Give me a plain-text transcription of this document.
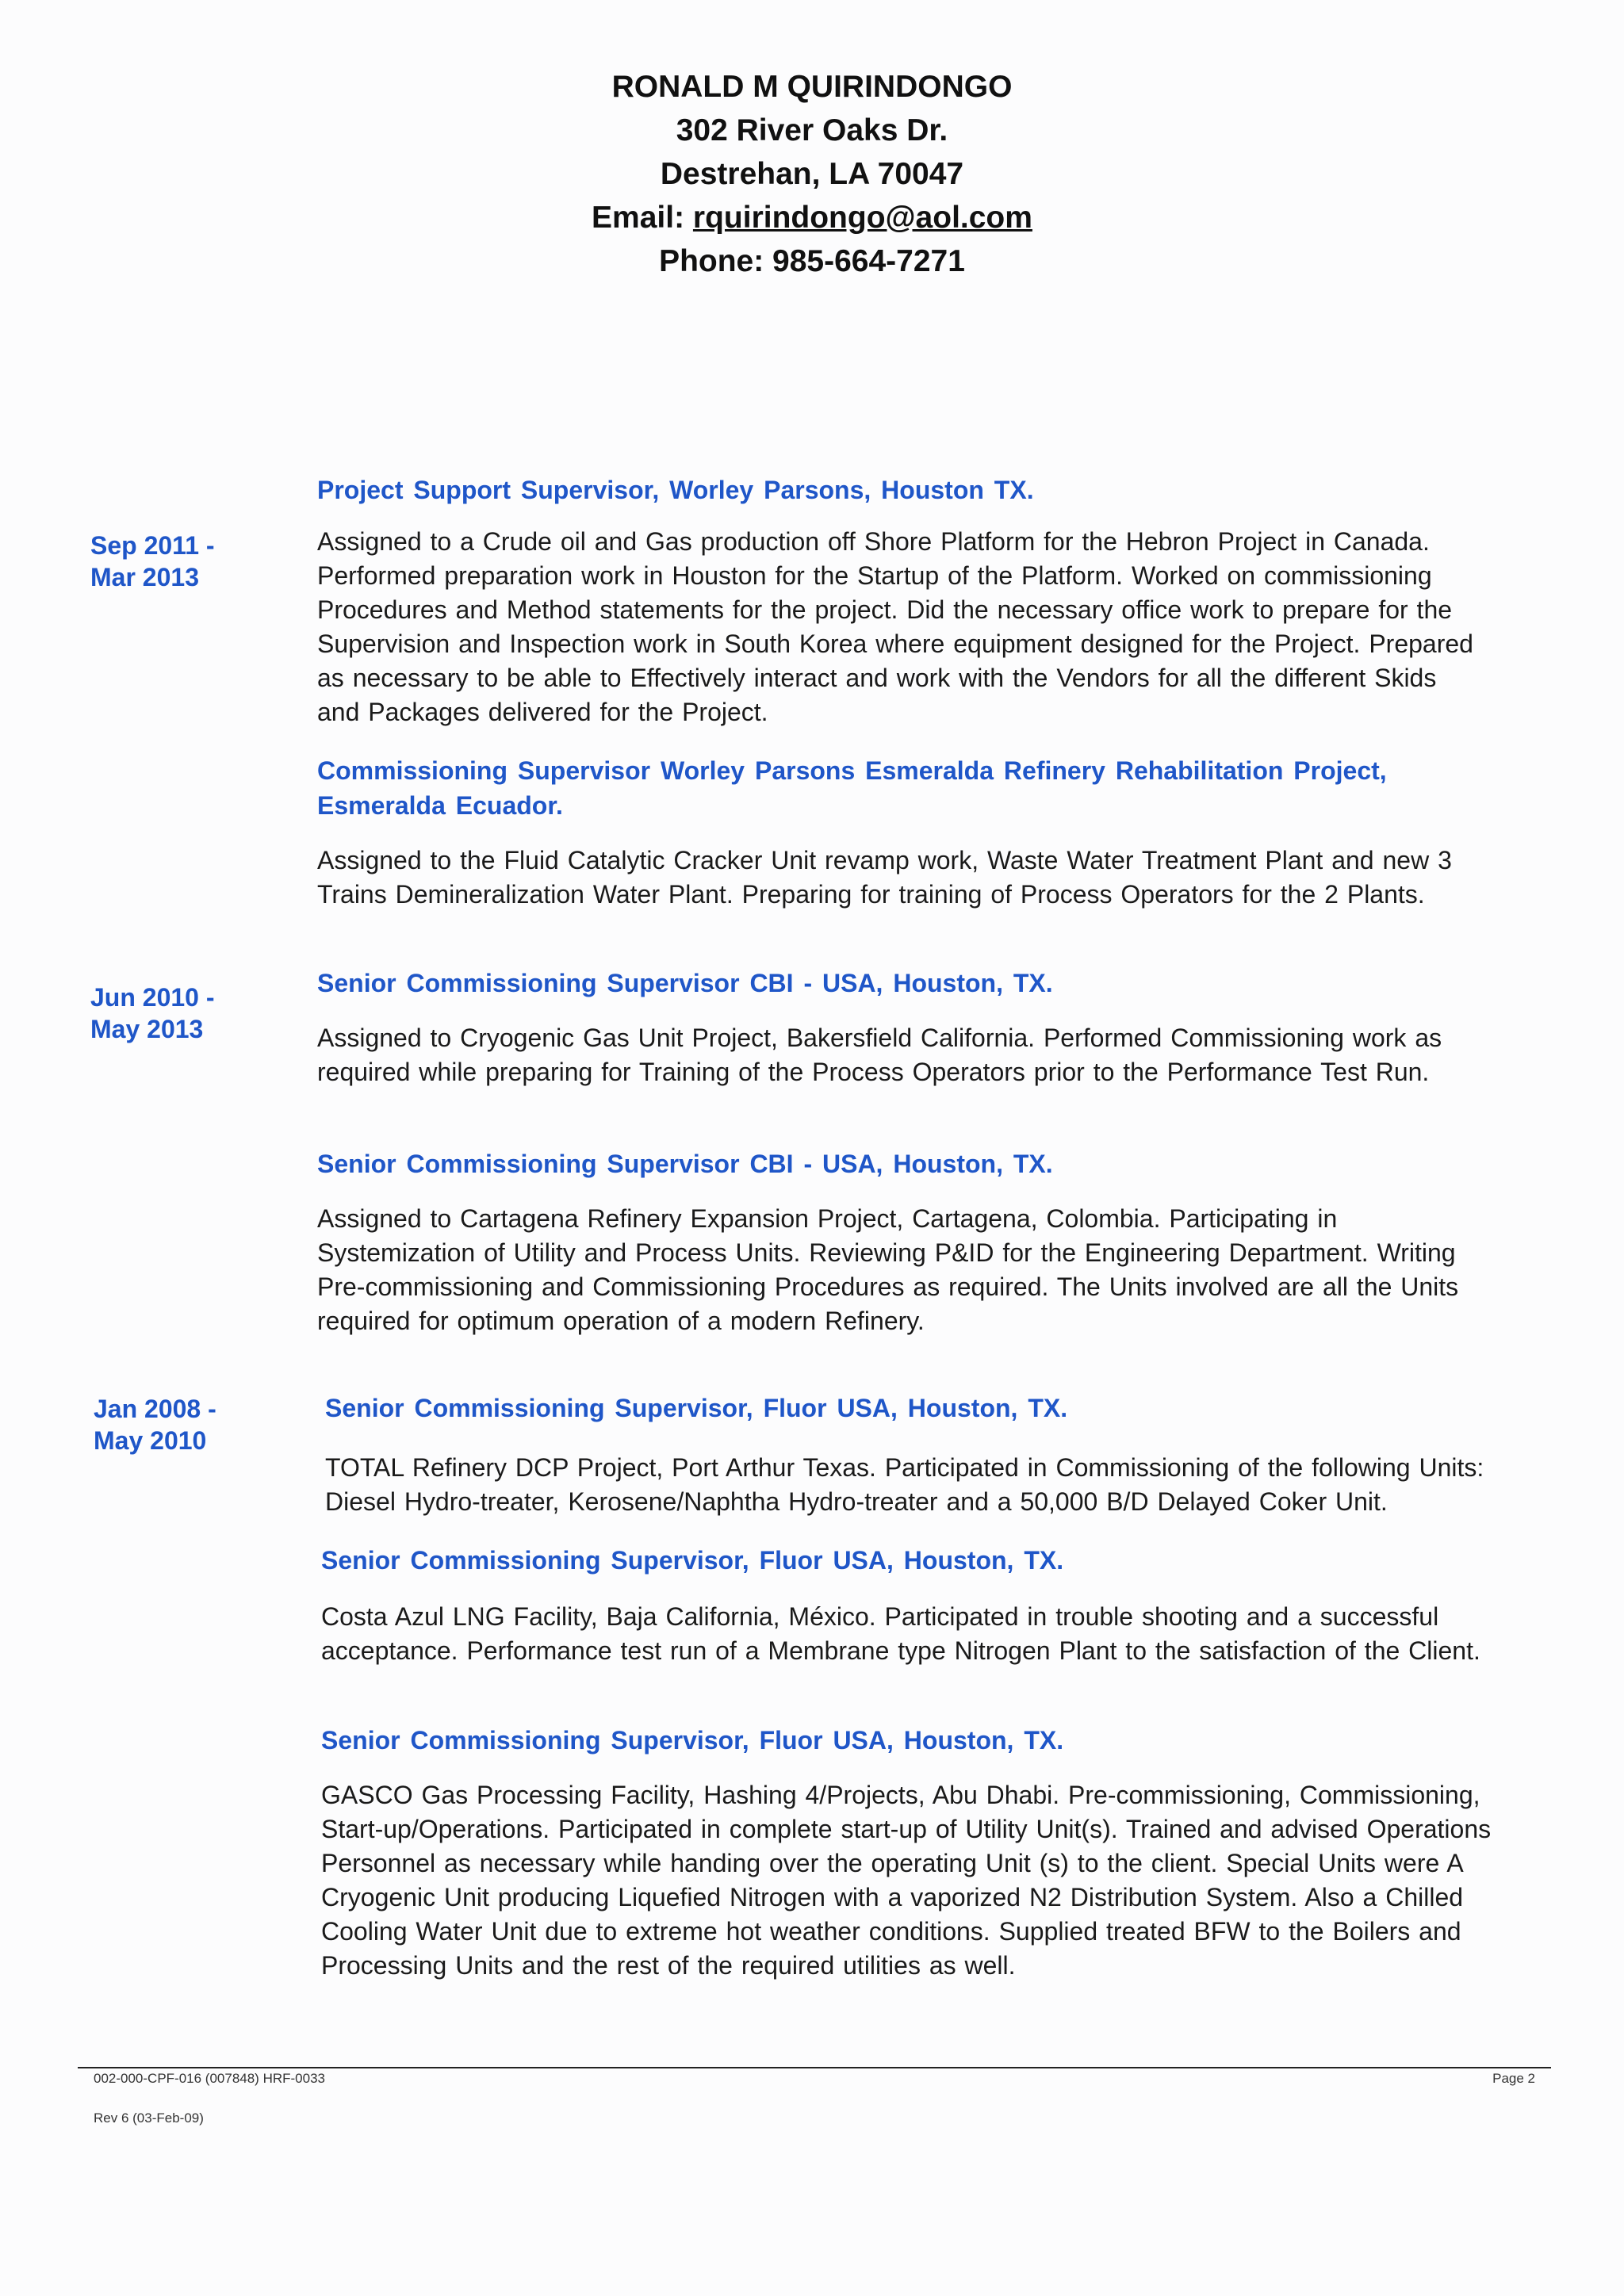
RONALD M QUIRINDONGO
302 River Oaks Dr.
Destrehan, LA 70047
Email: rquirindongo@aol.com
Phone: 985-664-7271
Sep 2011 -
Mar 2013
Jun 2010 -
May 2013
Jan 2008 -
May 2010

Project Support Supervisor, Worley Parsons, Houston TX.

Assigned to a Crude oil and Gas production off Shore Platform for the Hebron Project in Canada. Performed preparation work in Houston for the Startup of the Platform. Worked on commissioning Procedures and Method statements for the project. Did the necessary office work to prepare for the Supervision and Inspection work in South Korea where equipment designed for the Project. Prepared as necessary to be able to Effectively interact and work with the Vendors for all the different Skids and Packages delivered for the Project.

Commissioning Supervisor Worley Parsons Esmeralda Refinery Rehabilitation Project, Esmeralda Ecuador.

Assigned to the Fluid Catalytic Cracker Unit revamp work, Waste Water Treatment Plant and new 3 Trains Demineralization Water Plant. Preparing for training of Process Operators for the 2 Plants.

Senior Commissioning Supervisor CBI - USA, Houston, TX.

Assigned to Cryogenic Gas Unit Project, Bakersfield California. Performed Commissioning work as required while preparing for Training of the Process Operators prior to the Performance Test Run.

Senior Commissioning Supervisor CBI - USA, Houston, TX.

Assigned to Cartagena Refinery Expansion Project, Cartagena, Colombia. Participating in Systemization of Utility and Process Units. Reviewing P&ID for the Engineering Department. Writing Pre-commissioning and Commissioning Procedures as required. The Units involved are all the Units required for optimum operation of a modern Refinery.

Senior Commissioning Supervisor, Fluor USA, Houston, TX.

TOTAL Refinery DCP Project, Port Arthur Texas. Participated in Commissioning of the following Units: Diesel Hydro-treater, Kerosene/Naphtha Hydro-treater and a 50,000 B/D Delayed Coker Unit.

Senior Commissioning Supervisor, Fluor USA, Houston, TX.

Costa Azul LNG Facility, Baja California, México. Participated in trouble shooting and a successful acceptance. Performance test run of a Membrane type Nitrogen Plant to the satisfaction of the Client.

Senior Commissioning Supervisor, Fluor USA, Houston, TX.

GASCO Gas Processing Facility, Hashing 4/Projects, Abu Dhabi. Pre-commissioning, Commissioning, Start-up/Operations. Participated in complete start-up of Utility Unit(s). Trained and advised Operations Personnel as necessary while handing over the operating Unit (s) to the client. Special Units were A Cryogenic Unit producing Liquefied Nitrogen with a vaporized N2 Distribution System. Also a Chilled Cooling Water Unit due to extreme hot weather conditions. Supplied treated BFW to the Boilers and Processing Units and the rest of the required utilities as well.

002-000-CPF-016 (007848) HRF-0033	Page 2
Rev 6 (03-Feb-09)
